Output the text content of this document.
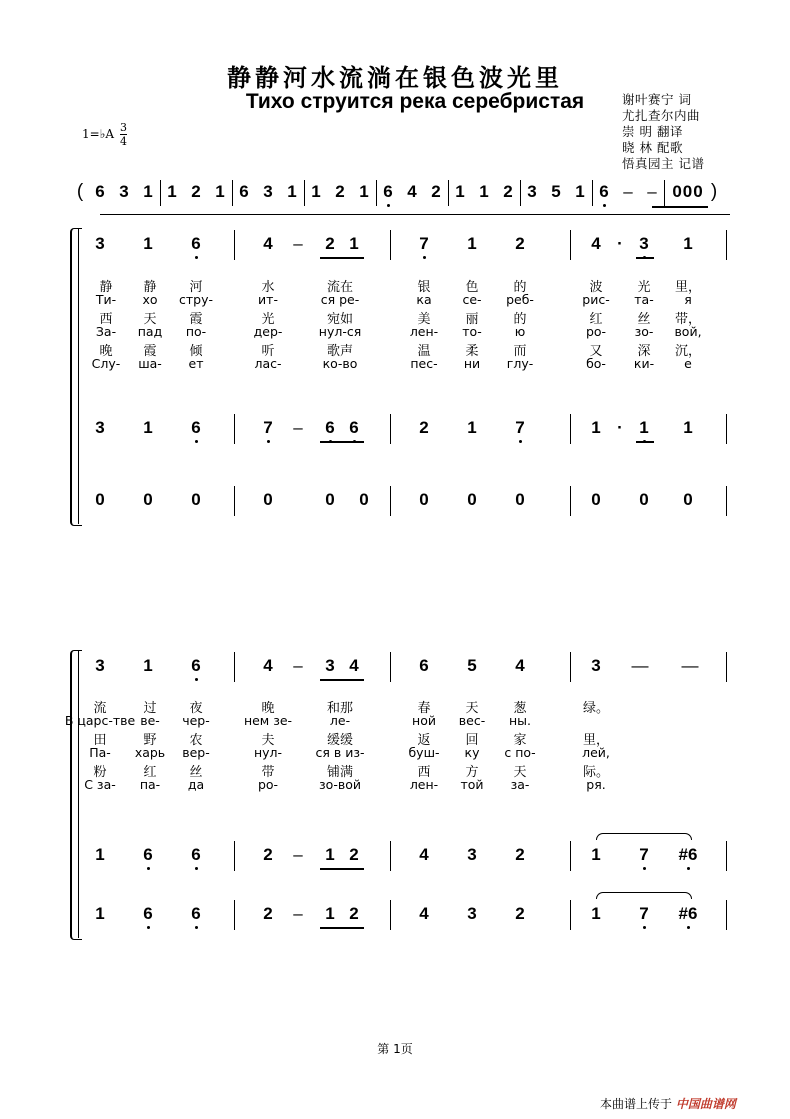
静静河水流淌在银色波光里
Тихо струится река серебристая	谢叶赛宁 词
尤扎查尔内曲
崇 明 翻译
晓 林 配歌
悟真园主 记谱
1=♭A $\frac{3}{4}$
( 6 3 1 1 2 1 6 3 1 1 2 1 6 4 2 1 1 2 3 5 1 6 – – 000 )
3 1 6	4 – 2 1	7 1 2	4 · 3 1
静 静	河	水	流在	银	色	的	波	光 里，
Ти- хо стру-	ит-	ся ре-	ка се- реб-	рис- та- я
西 天	霞	光	宛如	美	丽	的	红	丝 带，
За- пад по-	дер-	нул-ся	лен- то-	ю	ро- зо- вой,
晚 霞	倾	听	歌声	温	柔	而	又	深 沉，
Слу- ша- ет	лас-	ко-во	пес- ни глу-	бо- ки- е
3 1 6	7 – 6 6	2 1 7	1 · 1 1
0 0 0	0	0 0	0 0 0	0 0 0
3 1 6	4 – 3 4	6 5 4	3 — —
流	过	夜	晚	和那	春	天	葱	绿。
В царс-тве ве- чер-	нем зе-	ле-	ной вес- ны.
田	野	农	夫	缓缓	返	回	家	里，
Па- харь вер-	нул-	ся в из-	буш- ку с по-	лей,
粉	红	丝	带	铺满	西	方	天	际。
С за- па- да	ро-	зо-вой	лен- той за-	ря.
1 6 6	2 – 1 2	4 3 2	1 7 #6
1 6 6	2 – 1 2	4 3 2	1 7 #6
第 1页
本曲谱上传于 中国曲谱网
